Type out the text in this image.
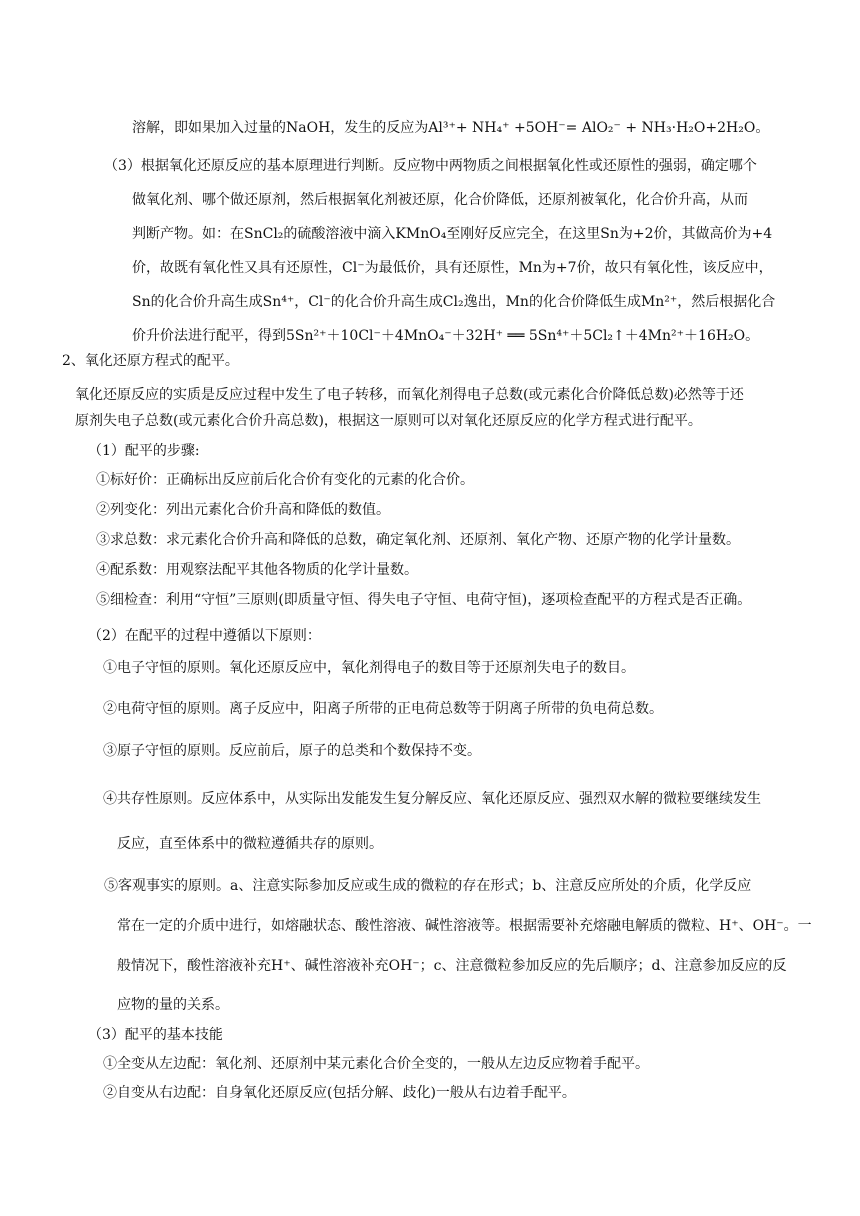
溶解，即如果加入过量的NaOH，发生的反应为Al³⁺+ NH₄⁺ +5OH⁻= AlO₂⁻ + NH₃·H₂O+2H₂O。
（3）根据氧化还原反应的基本原理进行判断。反应物中两物质之间根据氧化性或还原性的强弱，确定哪个
做氧化剂、哪个做还原剂，然后根据氧化剂被还原，化合价降低，还原剂被氧化，化合价升高，从而
判断产物。如：在SnCl₂的硫酸溶液中滴入KMnO₄至刚好反应完全，在这里Sn为+2价，其做高价为+4
价，故既有氧化性又具有还原性，Cl⁻为最低价，具有还原性，Mn为+7价，故只有氧化性，该反应中，
Sn的化合价升高生成Sn⁴⁺，Cl⁻的化合价升高生成Cl₂逸出，Mn的化合价降低生成Mn²⁺，然后根据化合
价升价法进行配平，得到5Sn²⁺＋10Cl⁻＋4MnO₄⁻＋32H⁺ ══ 5Sn⁴⁺＋5Cl₂↑＋4Mn²⁺＋16H₂O。
2、氧化还原方程式的配平。
氧化还原反应的实质是反应过程中发生了电子转移，而氧化剂得电子总数(或元素化合价降低总数)必然等于还
原剂失电子总数(或元素化合价升高总数)，根据这一原则可以对氧化还原反应的化学方程式进行配平。
（1）配平的步骤:
①标好价：正确标出反应前后化合价有变化的元素的化合价。
②列变化：列出元素化合价升高和降低的数值。
③求总数：求元素化合价升高和降低的总数，确定氧化剂、还原剂、氧化产物、还原产物的化学计量数。
④配系数：用观察法配平其他各物质的化学计量数。
⑤细检查：利用“守恒”三原则(即质量守恒、得失电子守恒、电荷守恒)，逐项检查配平的方程式是否正确。
（2）在配平的过程中遵循以下原则：
①电子守恒的原则。氧化还原反应中，氧化剂得电子的数目等于还原剂失电子的数目。
②电荷守恒的原则。离子反应中，阳离子所带的正电荷总数等于阴离子所带的负电荷总数。
③原子守恒的原则。反应前后，原子的总类和个数保持不变。
④共存性原则。反应体系中，从实际出发能发生复分解反应、氧化还原反应、强烈双水解的微粒要继续发生
反应，直至体系中的微粒遵循共存的原则。
⑤客观事实的原则。a、注意实际参加反应或生成的微粒的存在形式；b、注意反应所处的介质，化学反应
常在一定的介质中进行，如熔融状态、酸性溶液、碱性溶液等。根据需要补充熔融电解质的微粒、H⁺、OH⁻。一
般情况下，酸性溶液补充H⁺、碱性溶液补充OH⁻；c、注意微粒参加反应的先后顺序；d、注意参加反应的反
应物的量的关系。
（3）配平的基本技能
①全变从左边配：氧化剂、还原剂中某元素化合价全变的，一般从左边反应物着手配平。
②自变从右边配：自身氧化还原反应(包括分解、歧化)一般从右边着手配平。
